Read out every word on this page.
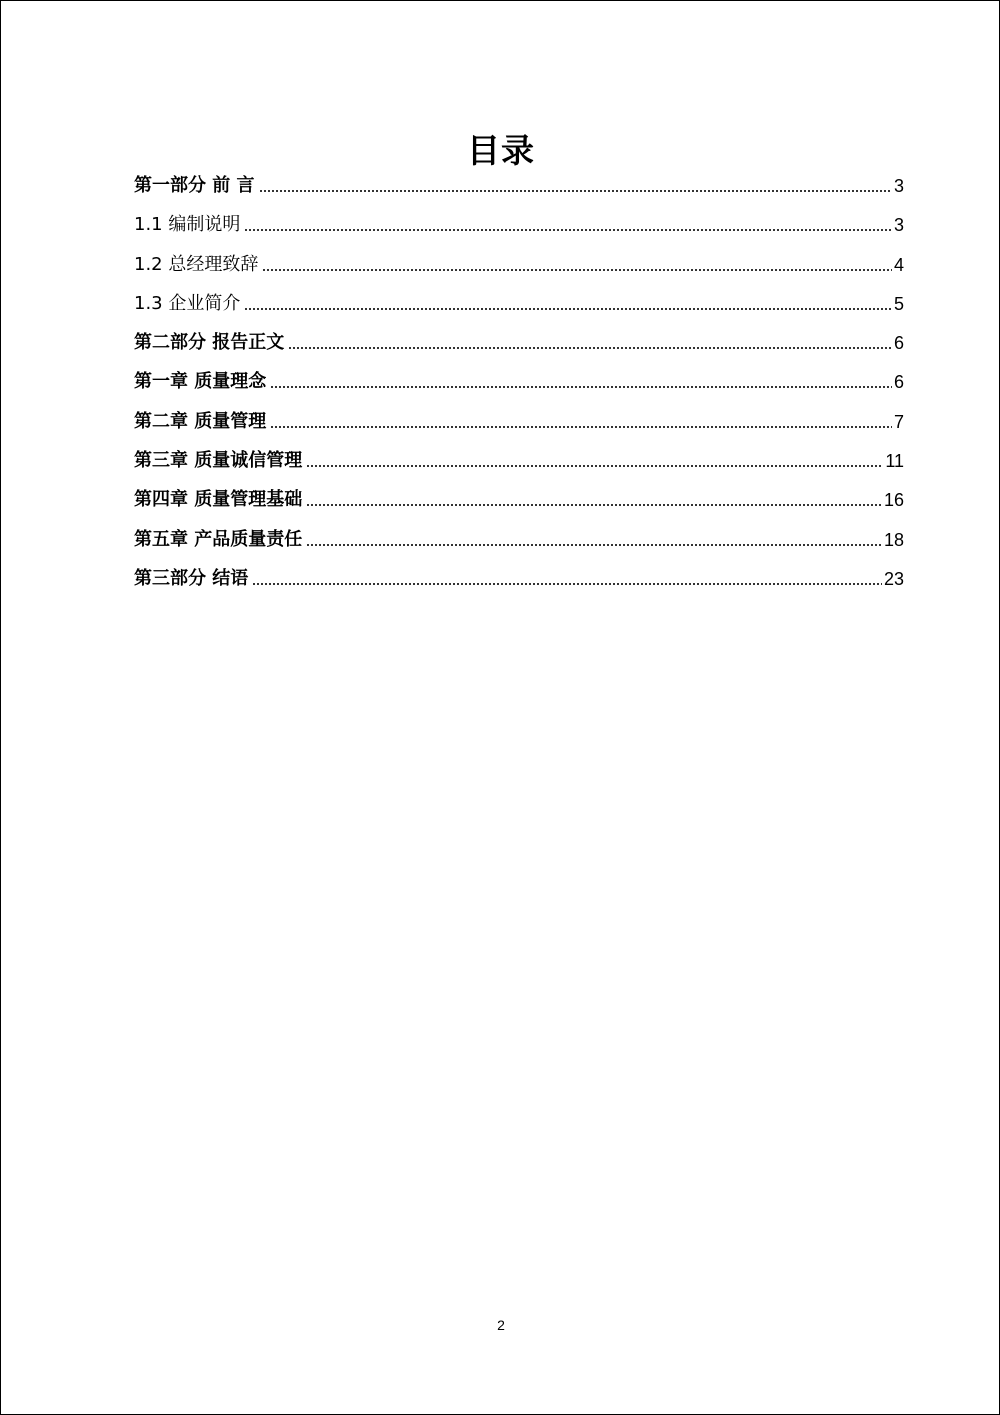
目录
第一部分 前 言	3
1.1 编制说明	3
1.2 总经理致辞	4
1.3 企业简介	5
第二部分 报告正文	6
第一章 质量理念	6
第二章 质量管理	7
第三章 质量诚信管理	11
第四章 质量管理基础	16
第五章 产品质量责任	18
第三部分 结语	23
2
